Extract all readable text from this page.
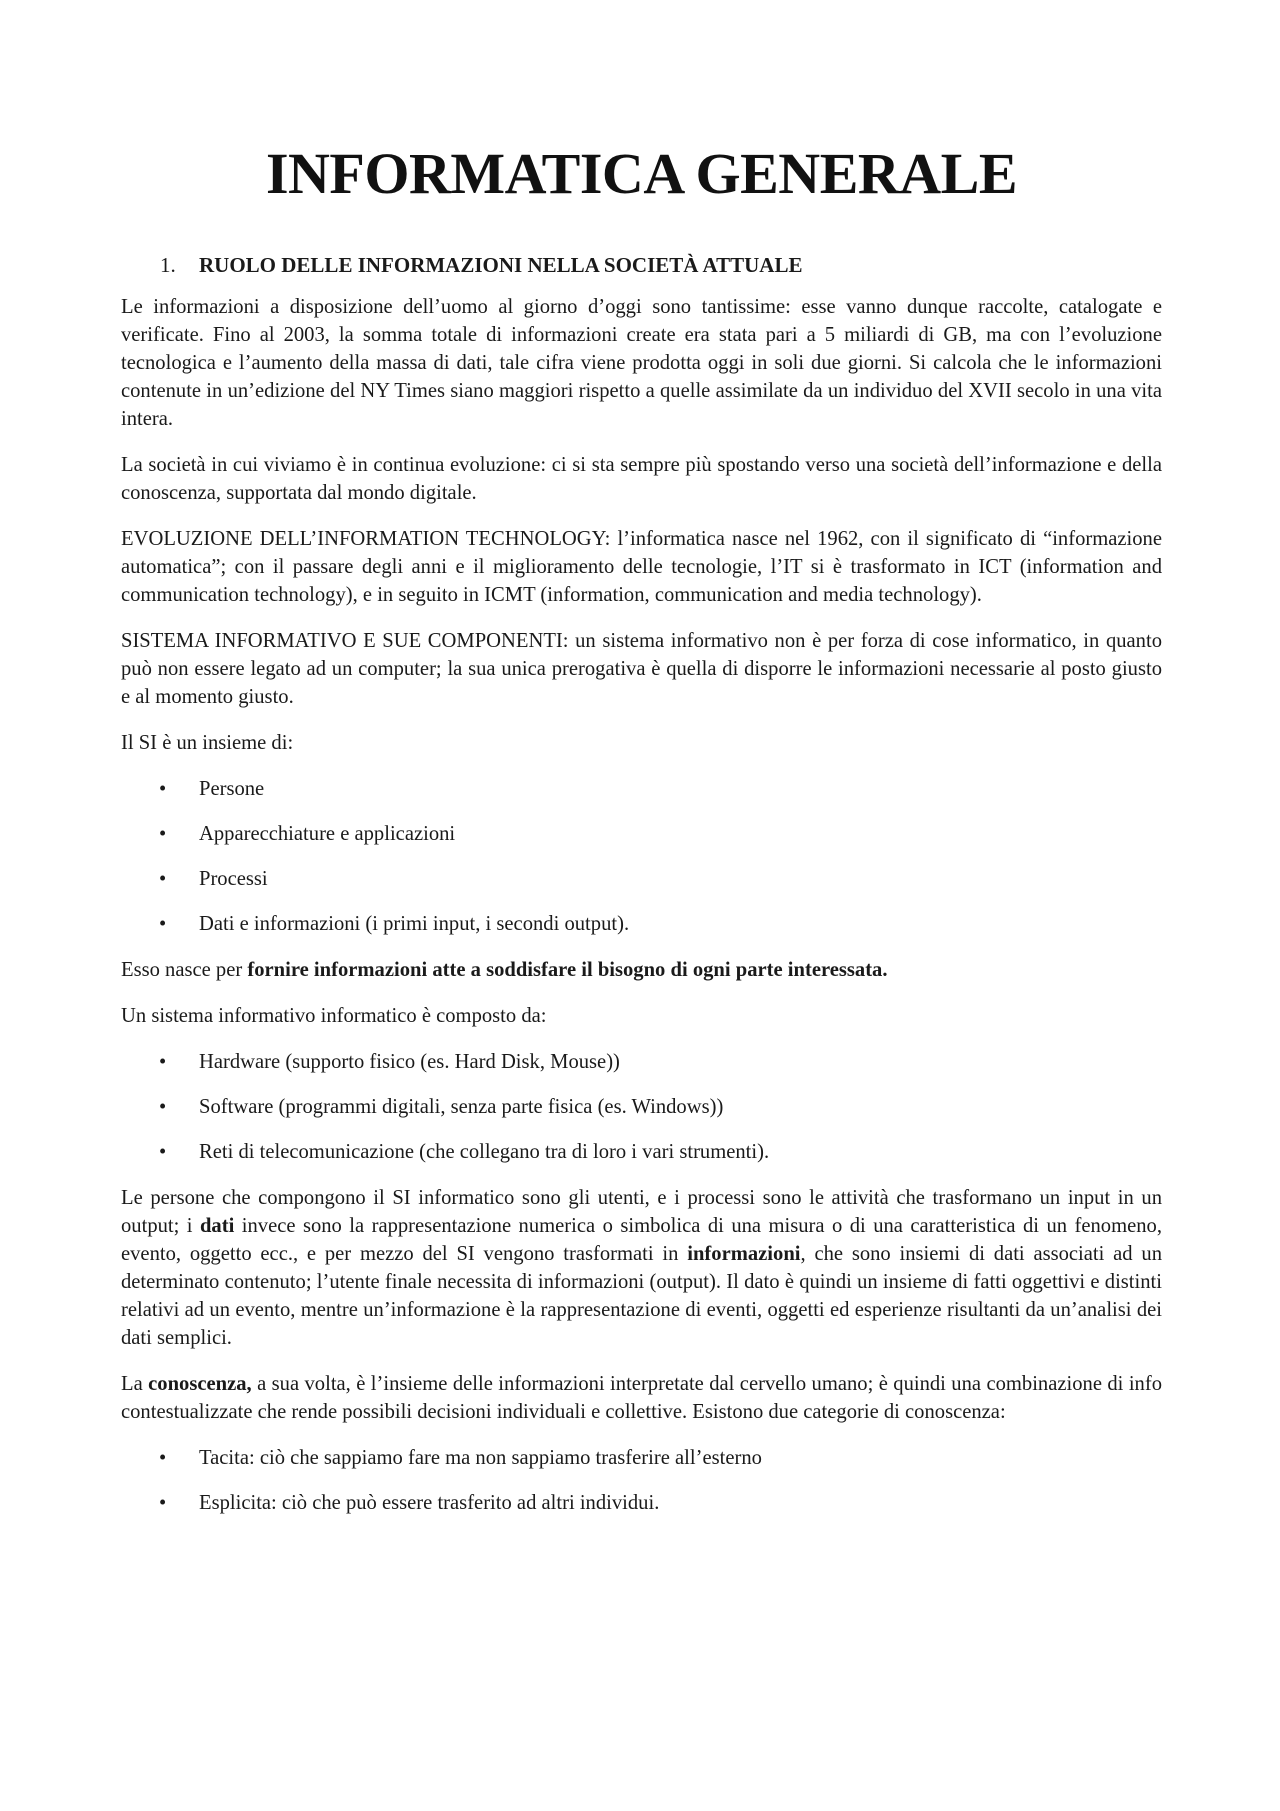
INFORMATICA GENERALE
1. RUOLO DELLE INFORMAZIONI NELLA SOCIETÀ ATTUALE

Le informazioni a disposizione dell’uomo al giorno d’oggi sono tantissime: esse vanno dunque raccolte, catalogate e verificate. Fino al 2003, la somma totale di informazioni create era stata pari a 5 miliardi di GB, ma con l’evoluzione tecnologica e l’aumento della massa di dati, tale cifra viene prodotta oggi in soli due giorni. Si calcola che le informazioni contenute in un’edizione del NY Times siano maggiori rispetto a quelle assimilate da un individuo del XVII secolo in una vita intera.

La società in cui viviamo è in continua evoluzione: ci si sta sempre più spostando verso una società dell’informazione e della conoscenza, supportata dal mondo digitale.

EVOLUZIONE DELL’INFORMATION TECHNOLOGY: l’informatica nasce nel 1962, con il significato di “informazione automatica”; con il passare degli anni e il miglioramento delle tecnologie, l’IT si è trasformato in ICT (information and communication technology), e in seguito in ICMT (information, communication and media technology).

SISTEMA INFORMATIVO E SUE COMPONENTI: un sistema informativo non è per forza di cose informatico, in quanto può non essere legato ad un computer; la sua unica prerogativa è quella di disporre le informazioni necessarie al posto giusto e al momento giusto.

Il SI è un insieme di:

• Persone
• Apparecchiature e applicazioni
• Processi
• Dati e informazioni (i primi input, i secondi output).

Esso nasce per fornire informazioni atte a soddisfare il bisogno di ogni parte interessata.

Un sistema informativo informatico è composto da:

• Hardware (supporto fisico (es. Hard Disk, Mouse))
• Software (programmi digitali, senza parte fisica (es. Windows))
• Reti di telecomunicazione (che collegano tra di loro i vari strumenti).

Le persone che compongono il SI informatico sono gli utenti, e i processi sono le attività che trasformano un input in un output; i dati invece sono la rappresentazione numerica o simbolica di una misura o di una caratteristica di un fenomeno, evento, oggetto ecc., e per mezzo del SI vengono trasformati in informazioni, che sono insiemi di dati associati ad un determinato contenuto; l’utente finale necessita di informazioni (output). Il dato è quindi un insieme di fatti oggettivi e distinti relativi ad un evento, mentre un’informazione è la rappresentazione di eventi, oggetti ed esperienze risultanti da un’analisi dei dati semplici.

La conoscenza, a sua volta, è l’insieme delle informazioni interpretate dal cervello umano; è quindi una combinazione di info contestualizzate che rende possibili decisioni individuali e collettive. Esistono due categorie di conoscenza:

• Tacita: ciò che sappiamo fare ma non sappiamo trasferire all’esterno
• Esplicita: ciò che può essere trasferito ad altri individui.
